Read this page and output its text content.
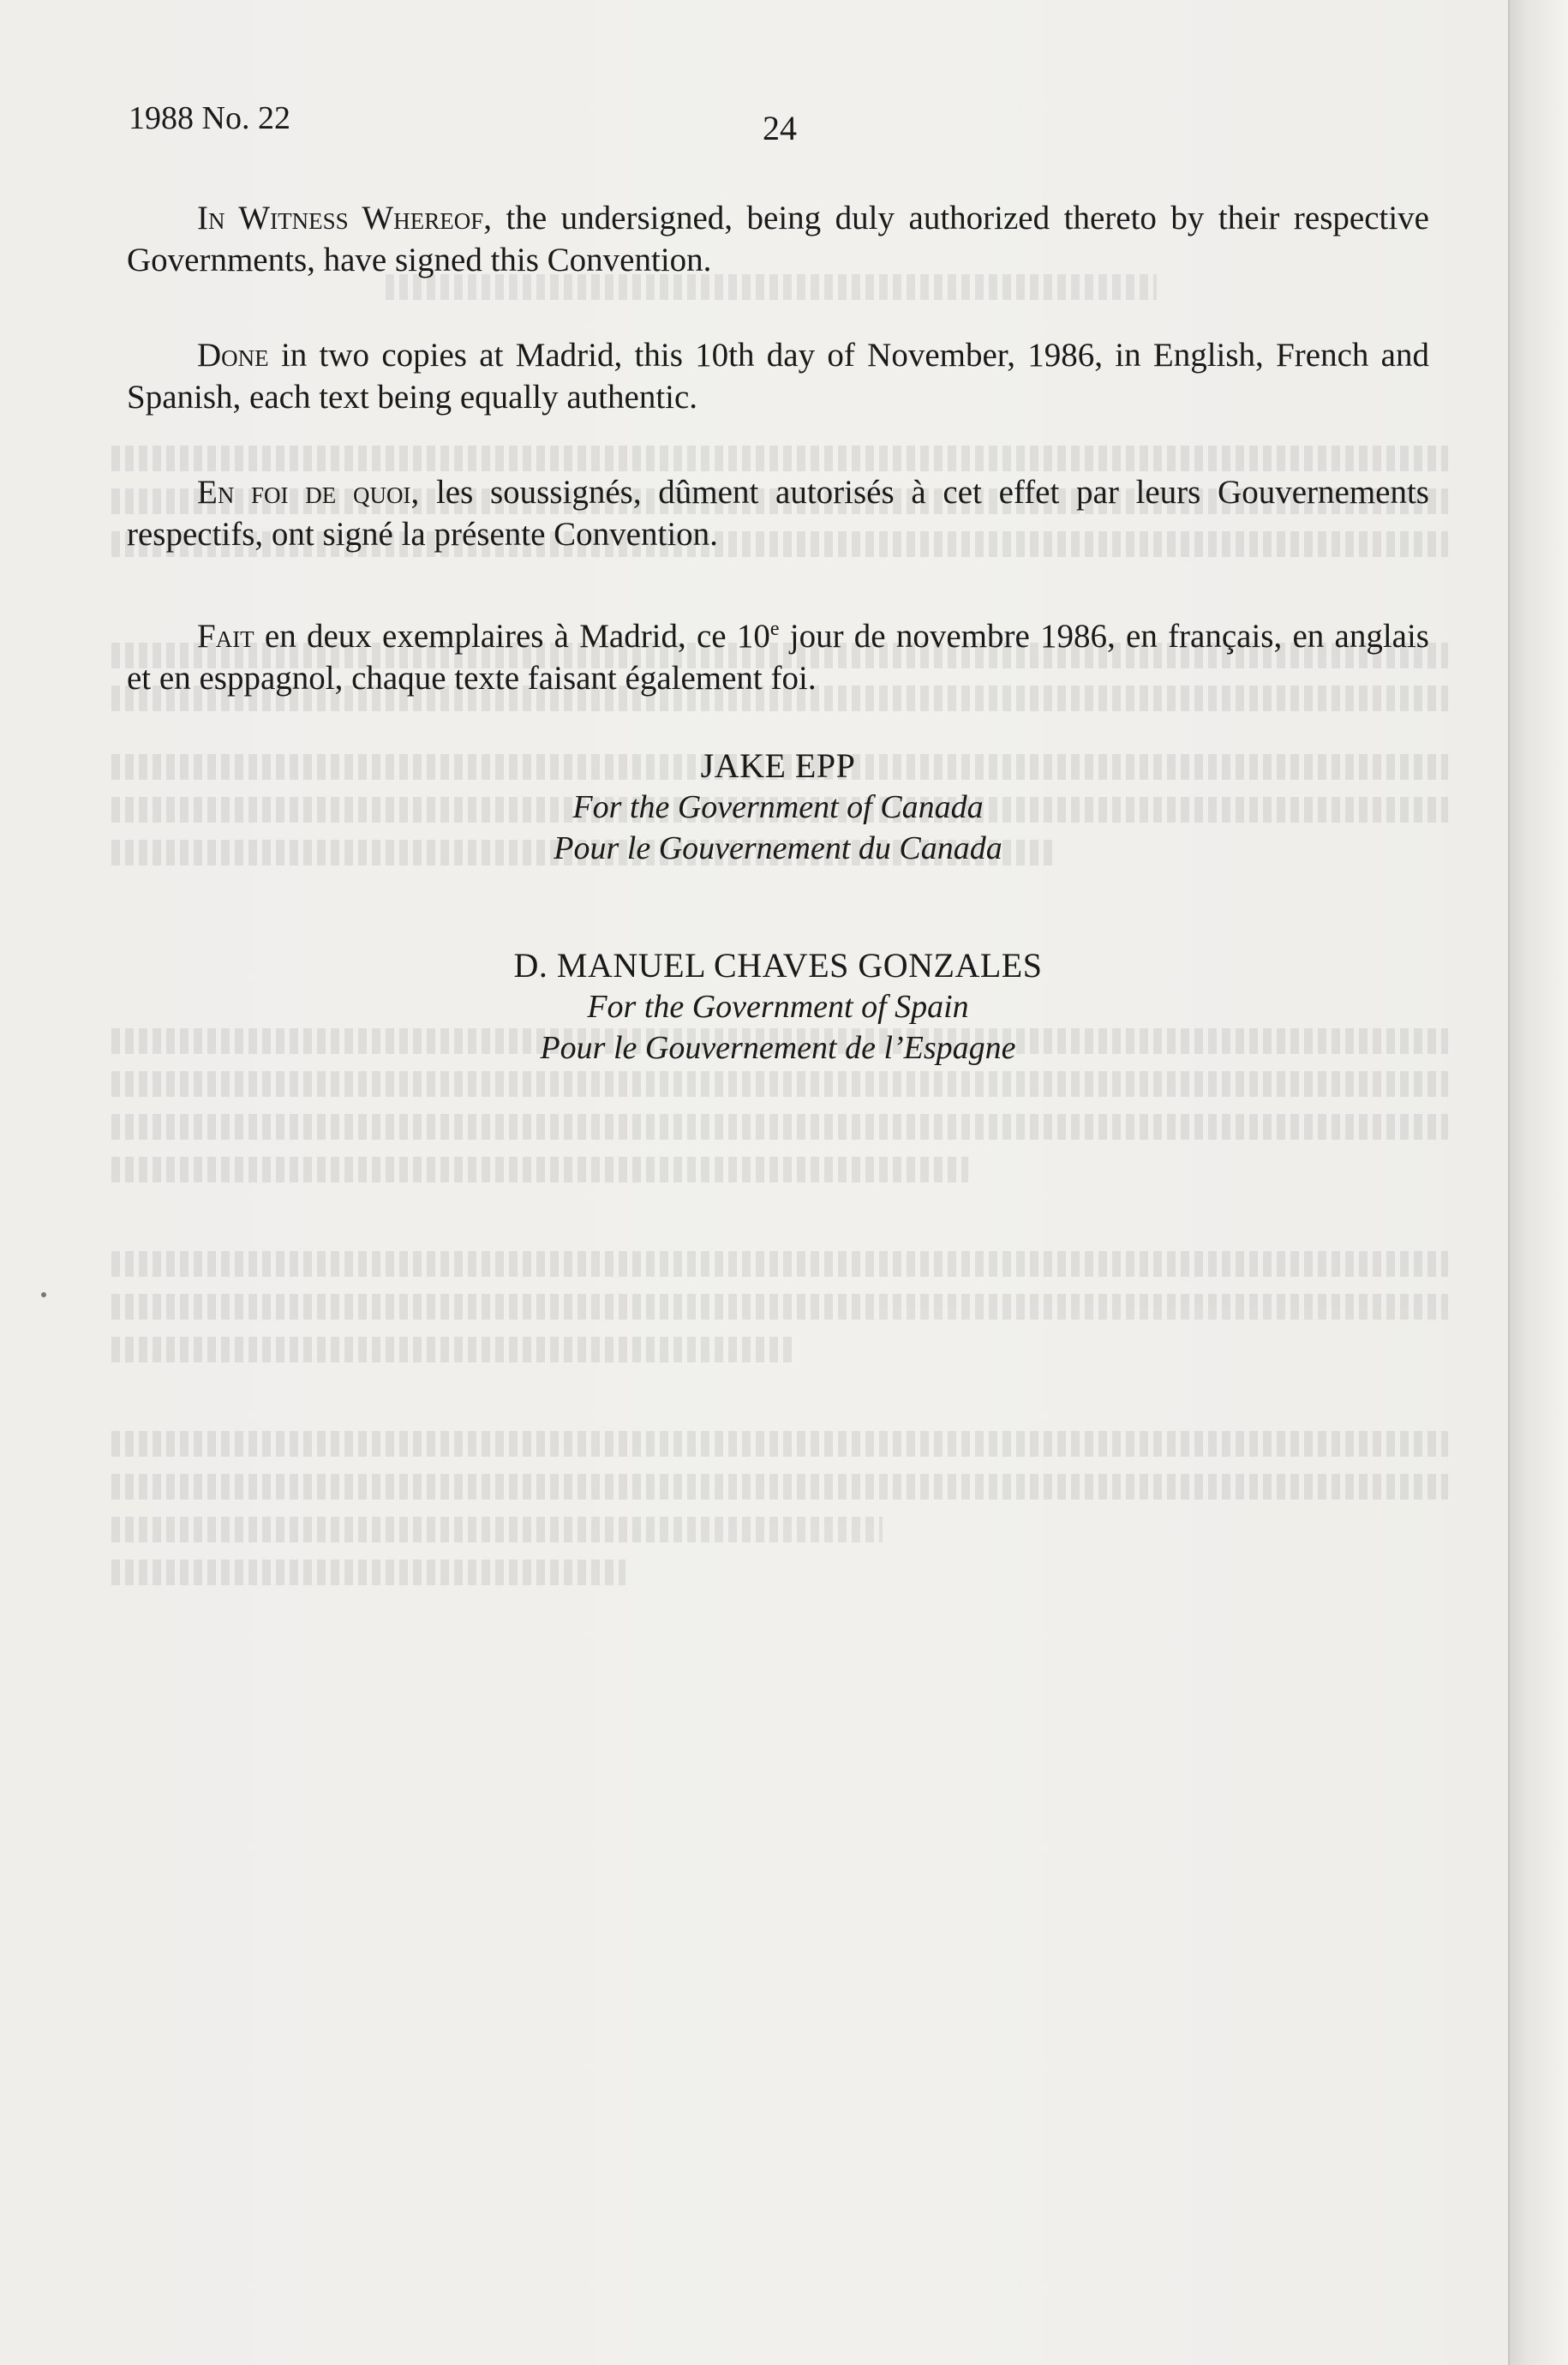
1988 No. 22	24

In Witness Whereof, the undersigned, being duly authorized thereto by their respective Governments, have signed this Convention.

Done in two copies at Madrid, this 10th day of November, 1986, in English, French and Spanish, each text being equally authentic.

En foi de quoi, les soussignés, dûment autorisés à cet effet par leurs Gouvernements respectifs, ont signé la présente Convention.

Fait en deux exemplaires à Madrid, ce 10e jour de novembre 1986, en français, en anglais et en esppagnol, chaque texte faisant également foi.

JAKE EPP
For the Government of Canada
Pour le Gouvernement du Canada
D. MANUEL CHAVES GONZALES
For the Government of Spain
Pour le Gouvernement de l’Espagne
